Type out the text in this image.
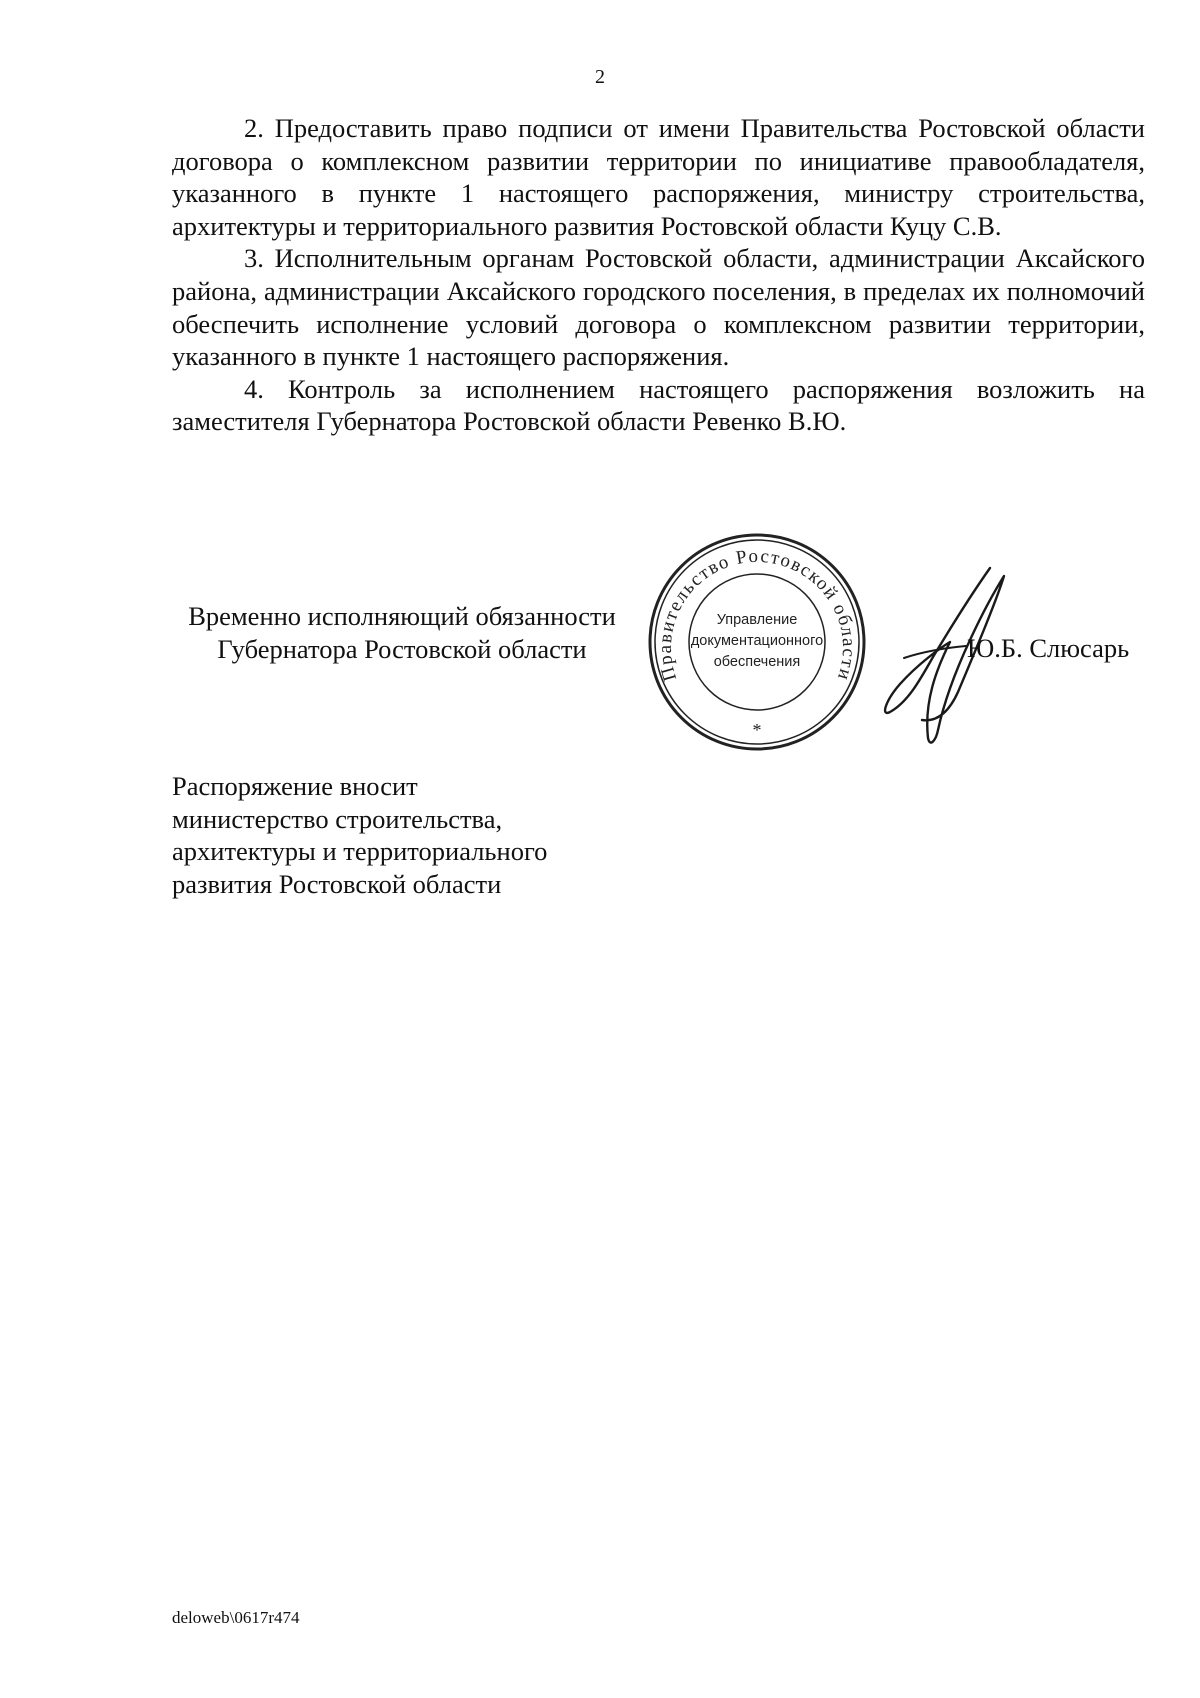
2

2. Предоставить право подписи от имени Правительства Ростовской области договора о комплексном развитии территории по инициативе правообладателя, указанного в пункте 1 настоящего распоряжения, министру строительства, архитектуры и территориального развития Ростовской области Куцу С.В.

3. Исполнительным органам Ростовской области, администрации Аксайского района, администрации Аксайского городского поселения, в пределах их полномочий обеспечить исполнение условий договора о комплексном развитии территории, указанного в пункте 1 настоящего распоряжения.

4. Контроль за исполнением настоящего распоряжения возложить на заместителя Губернатора Ростовской области Ревенко В.Ю.

Временно исполняющий обязанности
Губернатора Ростовской области
Правительство Ростовской области
Управление
документационного
обеспечения
*
Ю.Б. Слюсарь
Распоряжение вносит
министерство строительства,
архитектуры и территориального
развития Ростовской области
deloweb\0617r474
